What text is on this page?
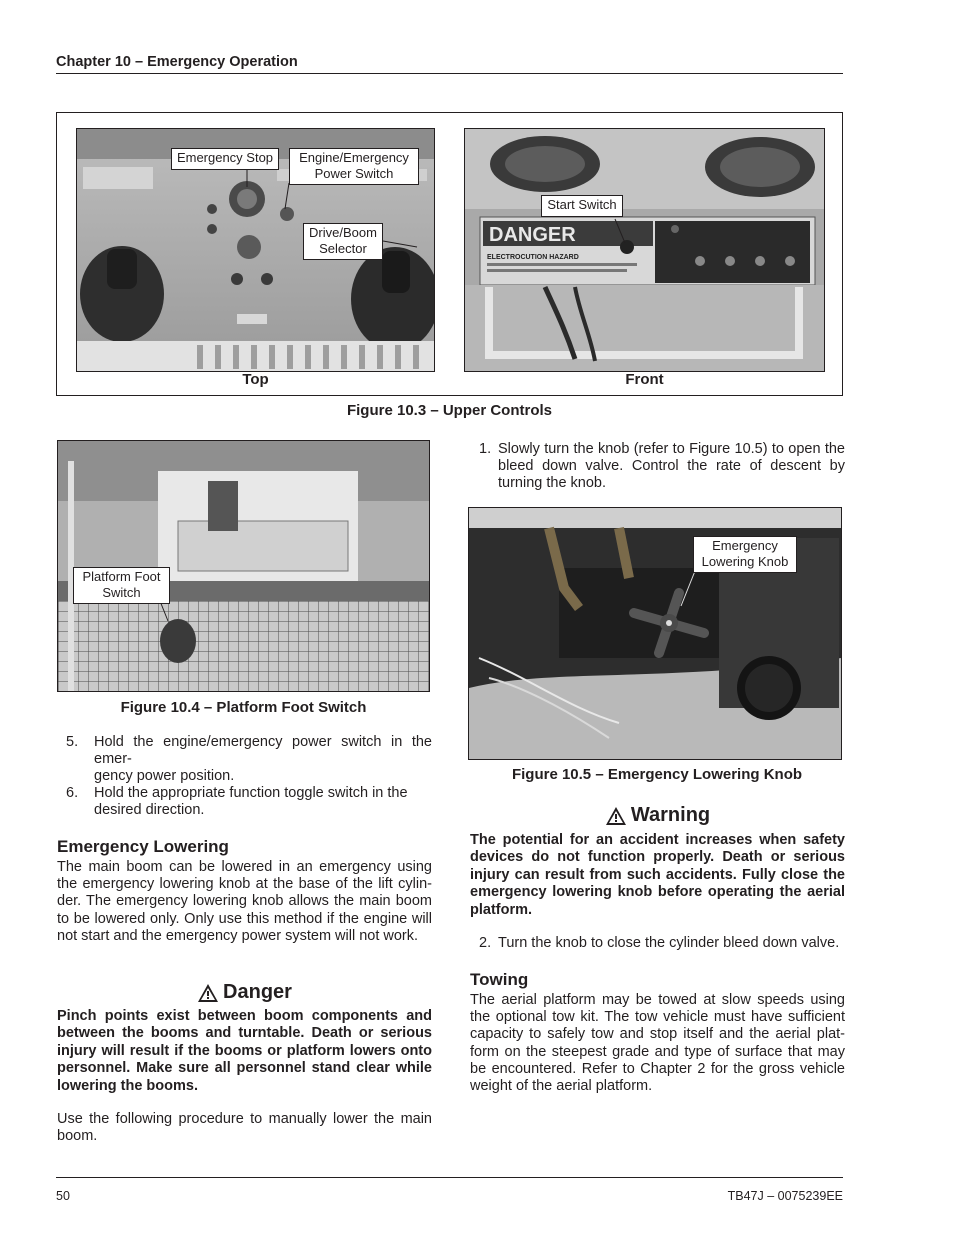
Chapter 10 – Emergency Operation
Emergency Stop	Engine/Emergency
Power Switch
Drive/Boom
Selector
DANGER
ELECTROCUTION HAZARD
Start Switch
Top	Front
Figure 10.3 – Upper Controls
Platform Foot
Switch
Figure 10.4 – Platform Foot Switch
5. Hold the engine/emergency power switch in the emer-
gency power position.
6. Hold the appropriate function toggle switch in the
desired direction.
Emergency Lowering
The main boom can be lowered in an emergency using the emergency lowering knob at the base of the lift cylin-der. The emergency lowering knob allows the main boom to be lowered only. Only use this method if the engine will not start and the emergency power system will not work.
Danger
Pinch points exist between boom components and between the booms and turntable. Death or serious injury will result if the booms or platform lowers onto personnel. Make sure all personnel stand clear while lowering the booms.
Use the following procedure to manually lower the main boom.
1. Slowly turn the knob (refer to Figure 10.5) to open the bleed down valve. Control the rate of descent by turning the knob.
Emergency
Lowering Knob
Figure 10.5 – Emergency Lowering Knob
Warning
The potential for an accident increases when safety devices do not function properly. Death or serious injury can result from such accidents. Fully close the emergency lowering knob before operating the aerial platform.
2. Turn the knob to close the cylinder bleed down valve.
Towing
The aerial platform may be towed at slow speeds using the optional tow kit. The tow vehicle must have sufficient capacity to safely tow and stop itself and the aerial plat-form on the steepest grade and type of surface that may be encountered. Refer to Chapter 2 for the gross vehicle weight of the aerial platform.
50	TB47J – 0075239EE
